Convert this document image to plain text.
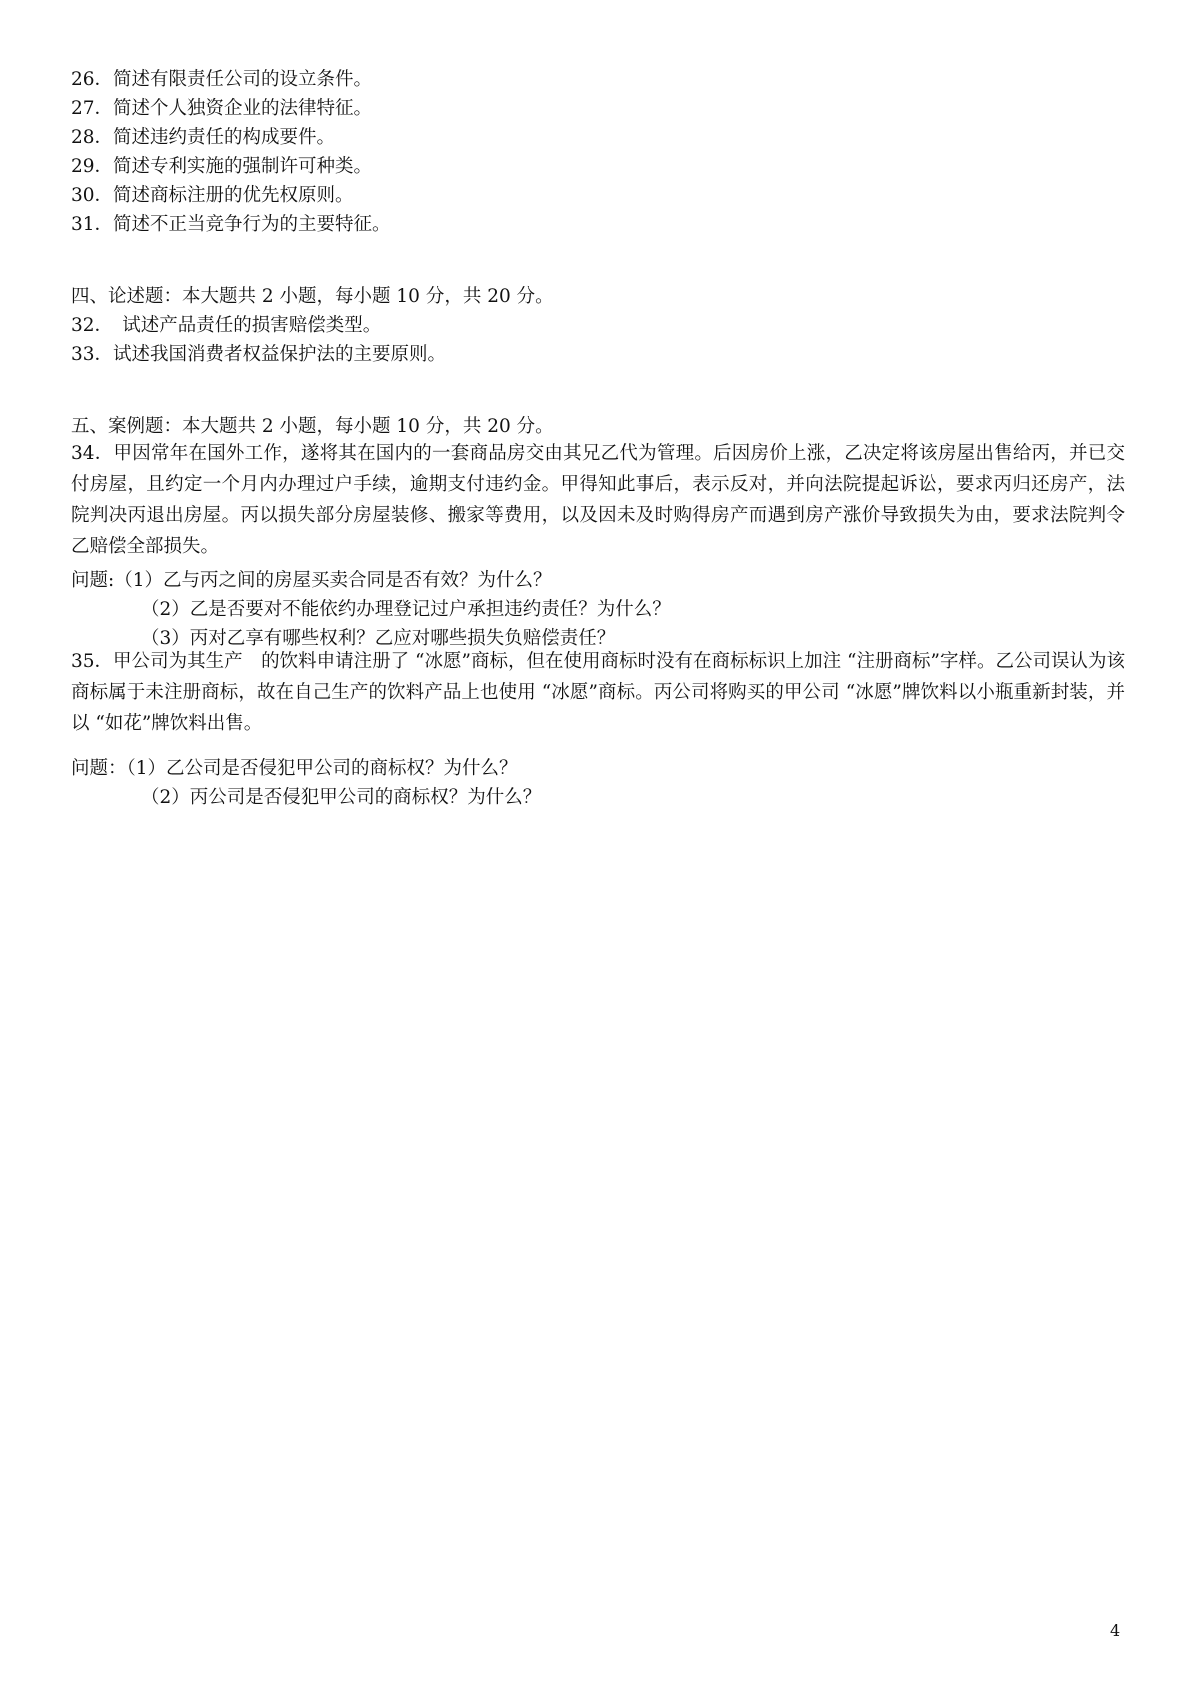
26．简述有限责任公司的设立条件。
27．简述个人独资企业的法律特征。
28．简述违约责任的构成要件。
29．简述专利实施的强制许可种类。
30．简述商标注册的优先权原则。
31．简述不正当竞争行为的主要特征。
四、论述题：本大题共 2 小题，每小题 10 分，共 20 分。
32．　试述产品责任的损害赔偿类型。
33．试述我国消费者权益保护法的主要原则。
五、案例题：本大题共 2 小题，每小题 10 分，共 20 分。
34．甲因常年在国外工作，遂将其在国内的一套商品房交由其兄乙代为管理。后因房价上涨，乙决定将该房屋出售给丙，并已交付房屋，且约定一个月内办理过户手续，逾期支付违约金。甲得知此事后，表示反对，并向法院提起诉讼，要求丙归还房产，法院判决丙退出房屋。丙以损失部分房屋装修、搬家等费用，以及因未及时购得房产而遇到房产涨价导致损失为由，要求法院判令乙赔偿全部损失。
问题:（1）乙与丙之间的房屋买卖合同是否有效？为什么？
（2）乙是否要对不能依约办理登记过户承担违约责任？为什么？
（3）丙对乙享有哪些权利？乙应对哪些损失负赔偿责任？
35．甲公司为其生产　的饮料申请注册了 “冰愿”商标，但在使用商标时没有在商标标识上加注 “注册商标”字样。乙公司误认为该商标属于未注册商标，故在自己生产的饮料产品上也使用 “冰愿”商标。丙公司将购买的甲公司 “冰愿”牌饮料以小瓶重新封装，并以 “如花”牌饮料出售。
问题：（1）乙公司是否侵犯甲公司的商标权？为什么？
（2）丙公司是否侵犯甲公司的商标权？为什么？
4
